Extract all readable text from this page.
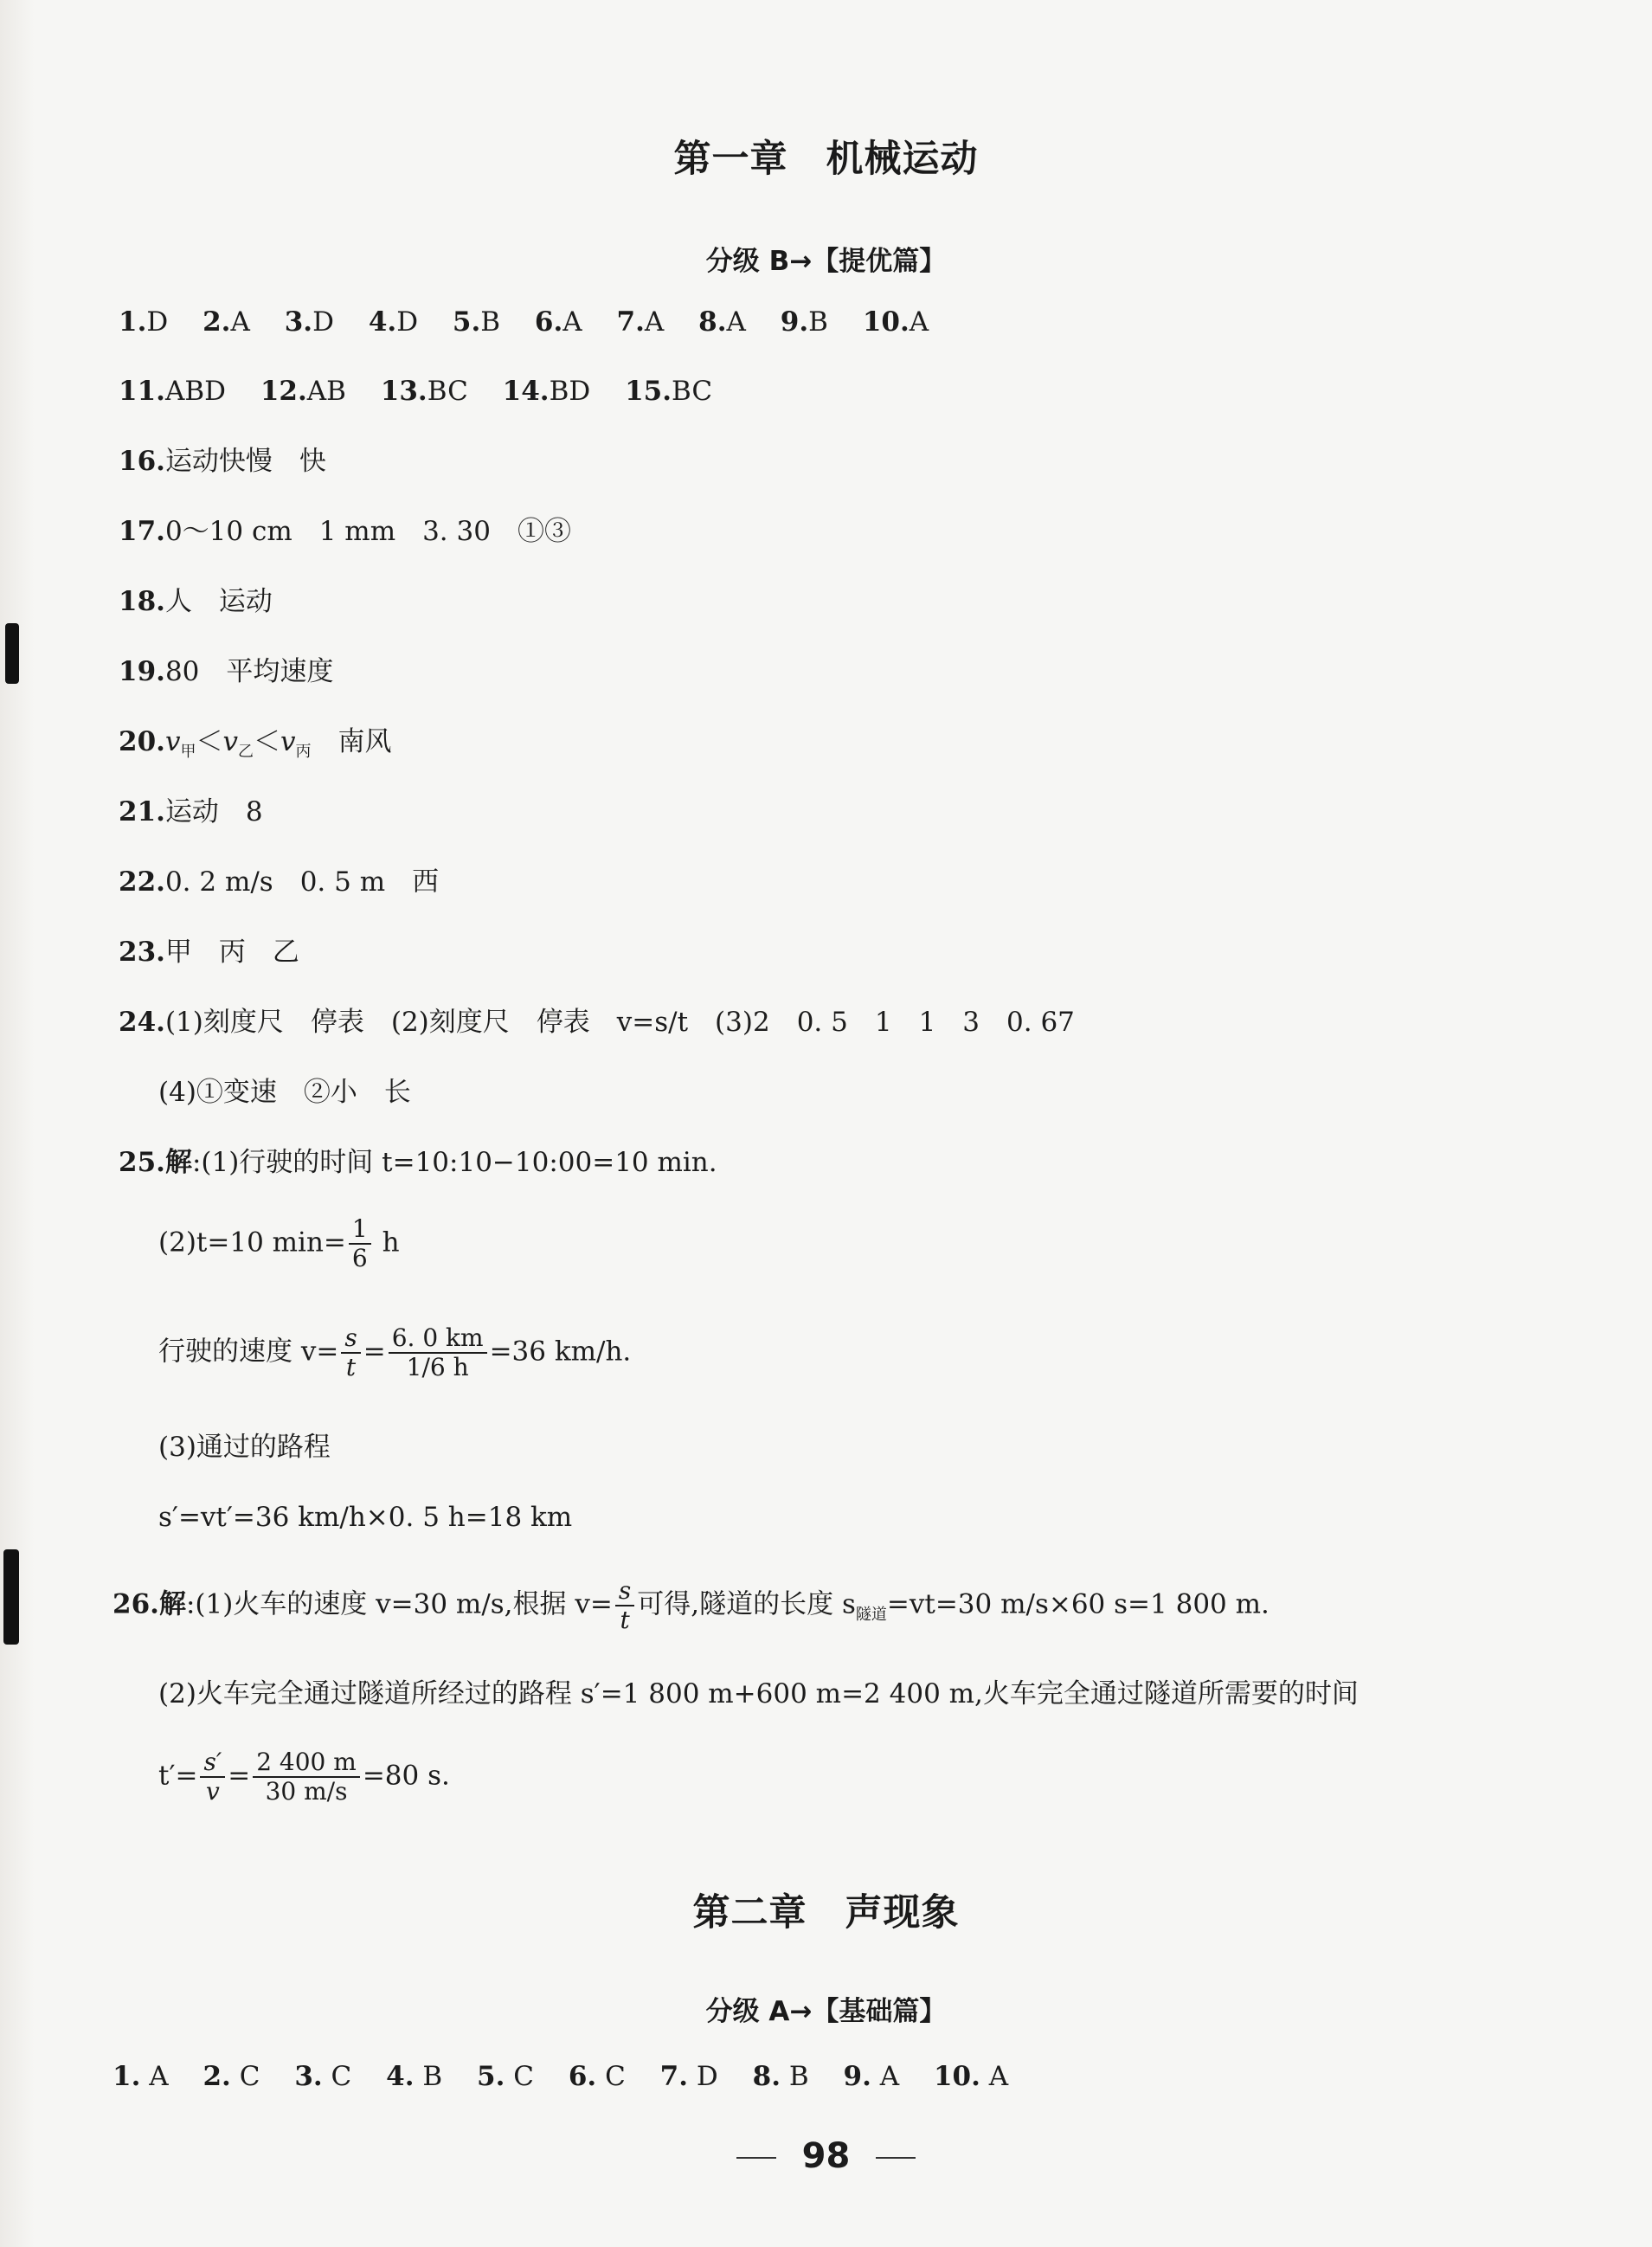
第一章　机械运动
分级 B→【提优篇】
1.D 2.A 3.D 4.D 5.B 6.A 7.A 8.A 9.B 10.A
11.ABD 12.AB 13.BC 14.BD 15.BC
16.运动快慢　快
17.0～10 cm　1 mm　3. 30　①③
18.人　运动
19.80　平均速度
$20.v_甲<v_乙<v_丙$　南风
21.运动　8
22.0. 2 m/s　0. 5 m　西
23.甲　丙　乙
24.(1)刻度尺　停表　(2)刻度尺　停表　v=s/t　(3)2　0. 5　1　1　3　0. 67
(4)①变速　②小　长
25.解:(1)行驶的时间 t=10:10−10:00=10 min.
(2)t=10 $\min= \frac{1}{6}$ h
行驶的速度 $v= \frac{s}{t} = \frac{6. 0 km}{1/6 h} =36$ km/h.
(3)通过的路程
s′=vt′=36 km/h×0. 5 h=18 km
26.解:(1)火车的速度 v=30 m/s,根据 $v= \frac{s}{t}$ 可得,隧道的长度 $s_{隧道}=vt=30$ m/s×60 s=1 800 m.
(2)火车完全通过隧道所经过的路程 s′=1 800 m+600 m=2 400 m,火车完全通过隧道所需要的时间
$t'= \frac{s'}{v} = \frac{2 400 m}{30 m/s} =80$ s.
第二章　声现象
分级 A→【基础篇】
1. A 2. C 3. C 4. B 5. C 6. C 7. D 8. B 9. A 10. A
98
